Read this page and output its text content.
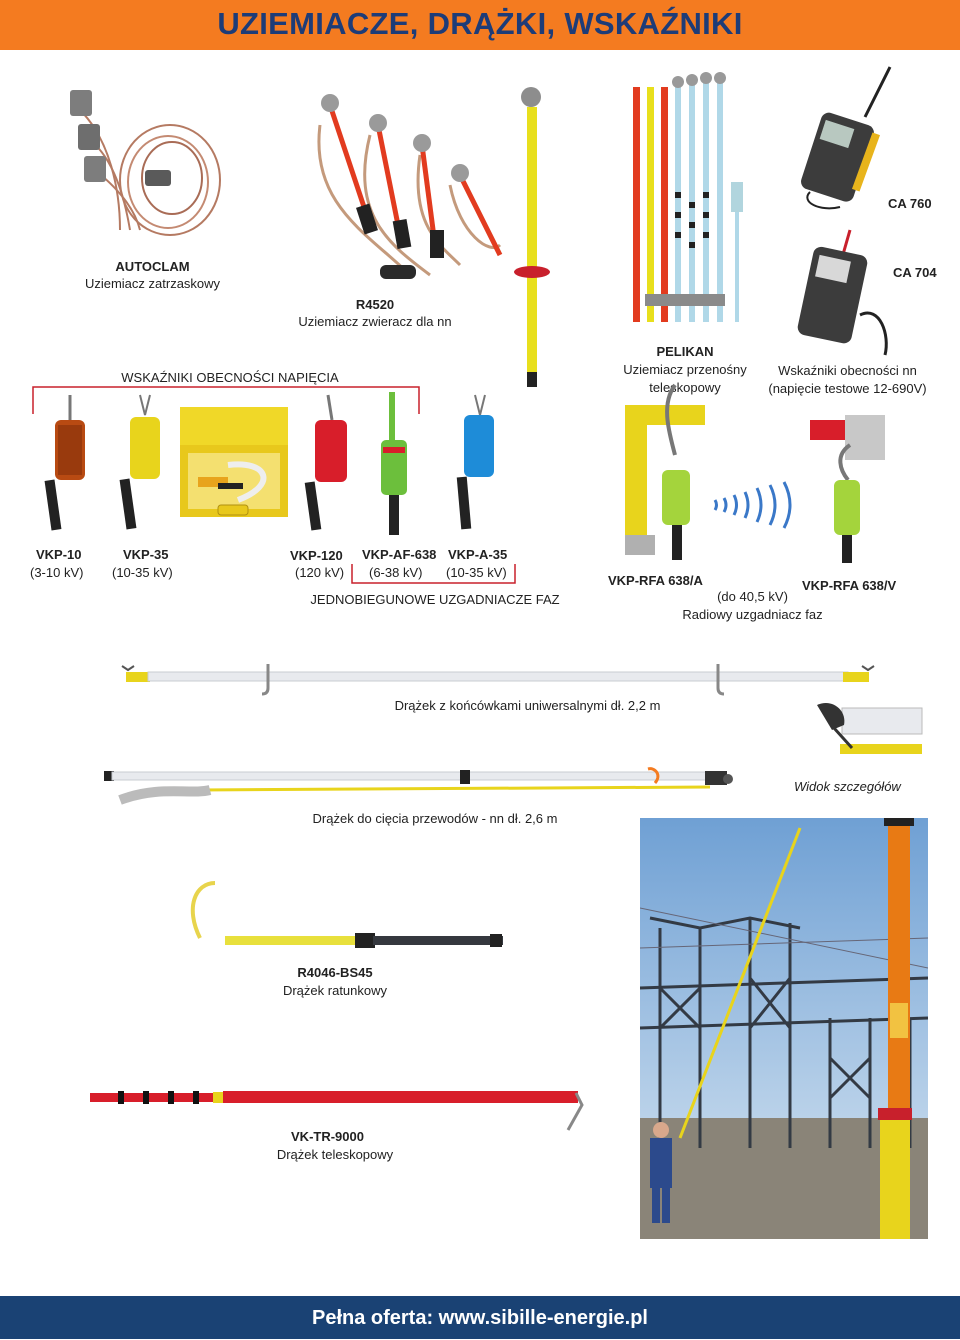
UZIEMIACZE, DRĄŻKI, WSKAŹNIKI
AUTOCLAM
Uziemiacz zatrzaskowy
R4520
Uziemiacz zwieracz dla nn
PELIKAN
Uziemiacz przenośny
teleskopowy
CA 760
CA 704
Wskaźniki obecności nn
(napięcie testowe 12-690V)
WSKAŹNIKI OBECNOŚCI NAPIĘCIA
VKP-10
(3-10 kV)
VKP-35
(10-35 kV)
VKP-120
(120 kV)
VKP-AF-638
(6-38 kV)
VKP-A-35
(10-35 kV)
JEDNOBIEGUNOWE UZGADNIACZE FAZ
VKP-RFA 638/A	VKP-RFA 638/V
(do 40,5 kV)
Radiowy uzgadniacz faz
Drążek z końcówkami uniwersalnymi dł. 2,2 m
Widok szczegółów
Drążek do cięcia przewodów - nn dł. 2,6 m
R4046-BS45
Drążek ratunkowy
VK-TR-9000
Drążek teleskopowy
Pełna oferta: www.sibille-energie.pl
